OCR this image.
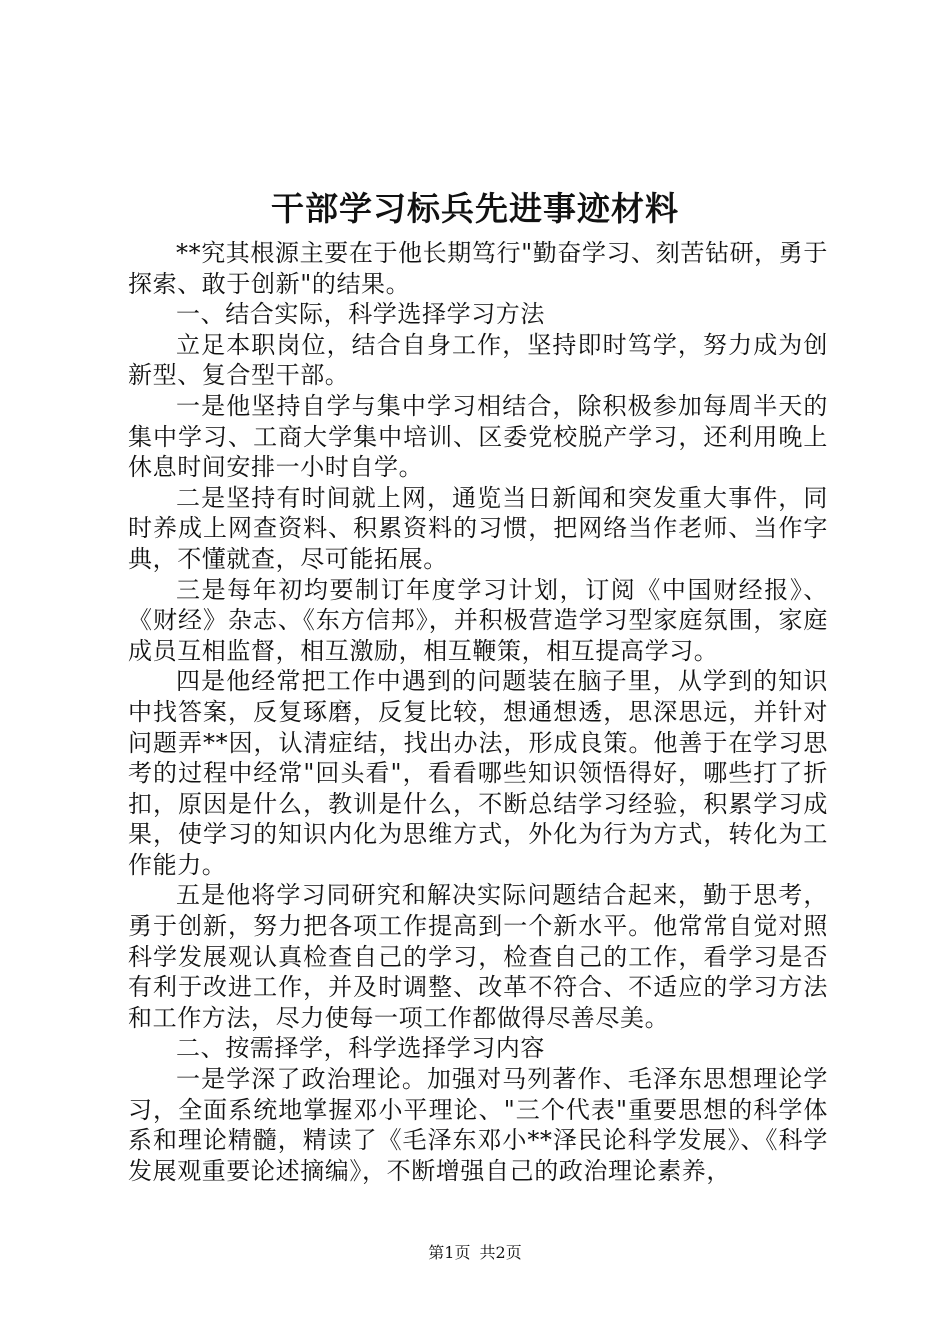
干部学习标兵先进事迹材料

**究其根源主要在于他长期笃行"勤奋学习、刻苦钻研，勇于探索、敢于创新"的结果。

一、结合实际，科学选择学习方法

立足本职岗位，结合自身工作，坚持即时笃学，努力成为创新型、复合型干部。

一是他坚持自学与集中学习相结合，除积极参加每周半天的集中学习、工商大学集中培训、区委党校脱产学习，还利用晚上休息时间安排一小时自学。

二是坚持有时间就上网，通览当日新闻和突发重大事件，同时养成上网查资料、积累资料的习惯，把网络当作老师、当作字典，不懂就查，尽可能拓展。

三是每年初均要制订年度学习计划，订阅《中国财经报》、《财经》杂志、《东方信邦》，并积极营造学习型家庭氛围，家庭成员互相监督，相互激励，相互鞭策，相互提高学习。

四是他经常把工作中遇到的问题装在脑子里，从学到的知识中找答案，反复琢磨，反复比较，想通想透，思深思远，并针对问题弄**因，认清症结，找出办法，形成良策。他善于在学习思考的过程中经常"回头看"，看看哪些知识领悟得好，哪些打了折扣，原因是什么，教训是什么，不断总结学习经验，积累学习成果，使学习的知识内化为思维方式，外化为行为方式，转化为工作能力。

五是他将学习同研究和解决实际问题结合起来，勤于思考，勇于创新，努力把各项工作提高到一个新水平。他常常自觉对照科学发展观认真检查自己的学习，检查自己的工作，看学习是否有利于改进工作，并及时调整、改革不符合、不适应的学习方法和工作方法，尽力使每一项工作都做得尽善尽美。

二、按需择学，科学选择学习内容

一是学深了政治理论。加强对马列著作、毛泽东思想理论学习，全面系统地掌握邓小平理论、"三个代表"重要思想的科学体系和理论精髓，精读了《毛泽东邓小**泽民论科学发展》、《科学发展观重要论述摘编》，不断增强自己的政治理论素养，

第1页 共2页
